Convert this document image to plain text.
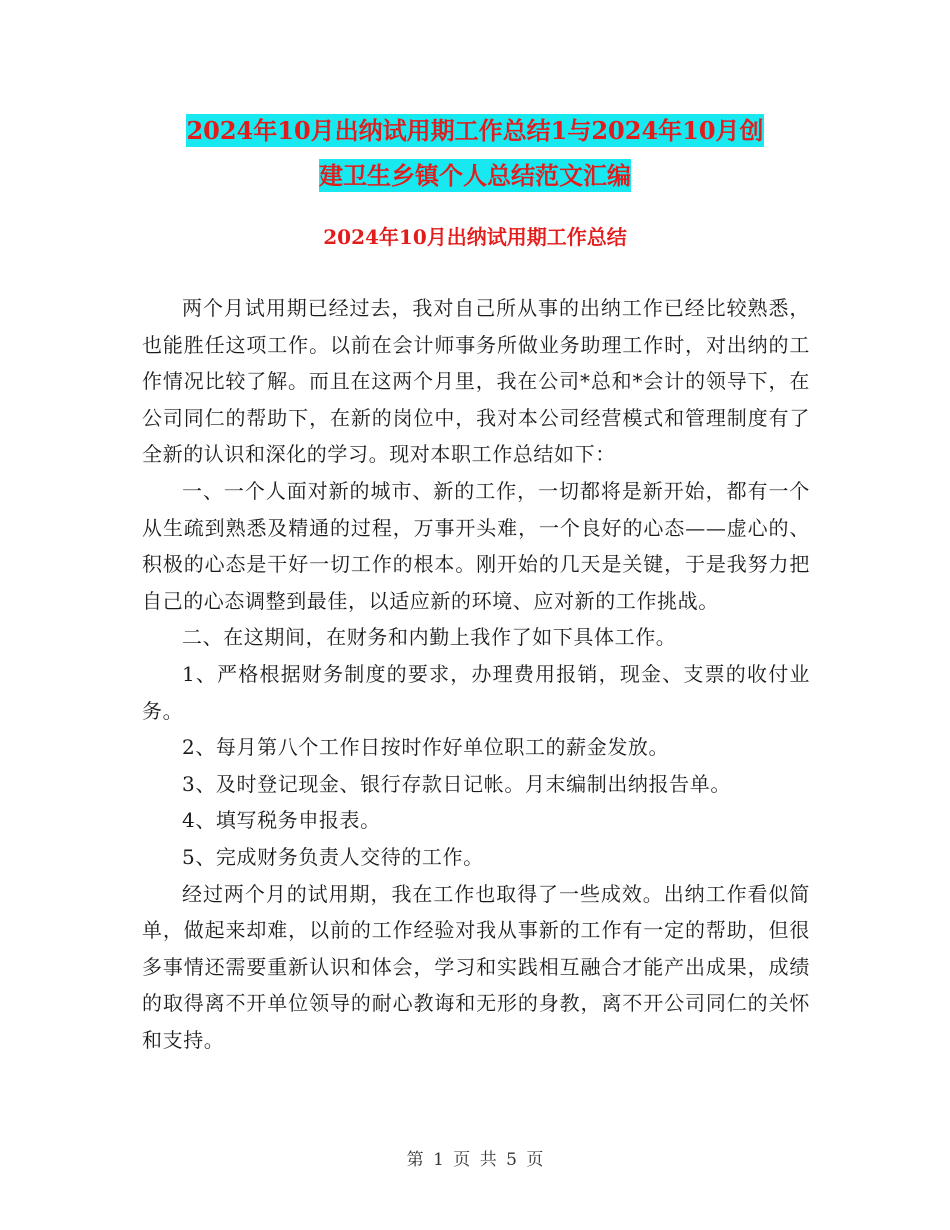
2024年10月出纳试用期工作总结1与2024年10月创
建卫生乡镇个人总结范文汇编
2024年10月出纳试用期工作总结

两个月试用期已经过去，我对自己所从事的出纳工作已经比较熟悉，也能胜任这项工作。以前在会计师事务所做业务助理工作时，对出纳的工作情况比较了解。而且在这两个月里，我在公司*总和*会计的领导下，在公司同仁的帮助下，在新的岗位中，我对本公司经营模式和管理制度有了全新的认识和深化的学习。现对本职工作总结如下：

一、一个人面对新的城市、新的工作，一切都将是新开始，都有一个从生疏到熟悉及精通的过程，万事开头难，一个良好的心态——虚心的、积极的心态是干好一切工作的根本。刚开始的几天是关键，于是我努力把自己的心态调整到最佳，以适应新的环境、应对新的工作挑战。

二、在这期间，在财务和内勤上我作了如下具体工作。

1、严格根据财务制度的要求，办理费用报销，现金、支票的收付业务。

2、每月第八个工作日按时作好单位职工的薪金发放。

3、及时登记现金、银行存款日记帐。月末编制出纳报告单。

4、填写税务申报表。

5、完成财务负责人交待的工作。

经过两个月的试用期，我在工作也取得了一些成效。出纳工作看似简单，做起来却难，以前的工作经验对我从事新的工作有一定的帮助，但很多事情还需要重新认识和体会，学习和实践相互融合才能产出成果，成绩的取得离不开单位领导的耐心教诲和无形的身教，离不开公司同仁的关怀和支持。

第 1 页 共 5 页
